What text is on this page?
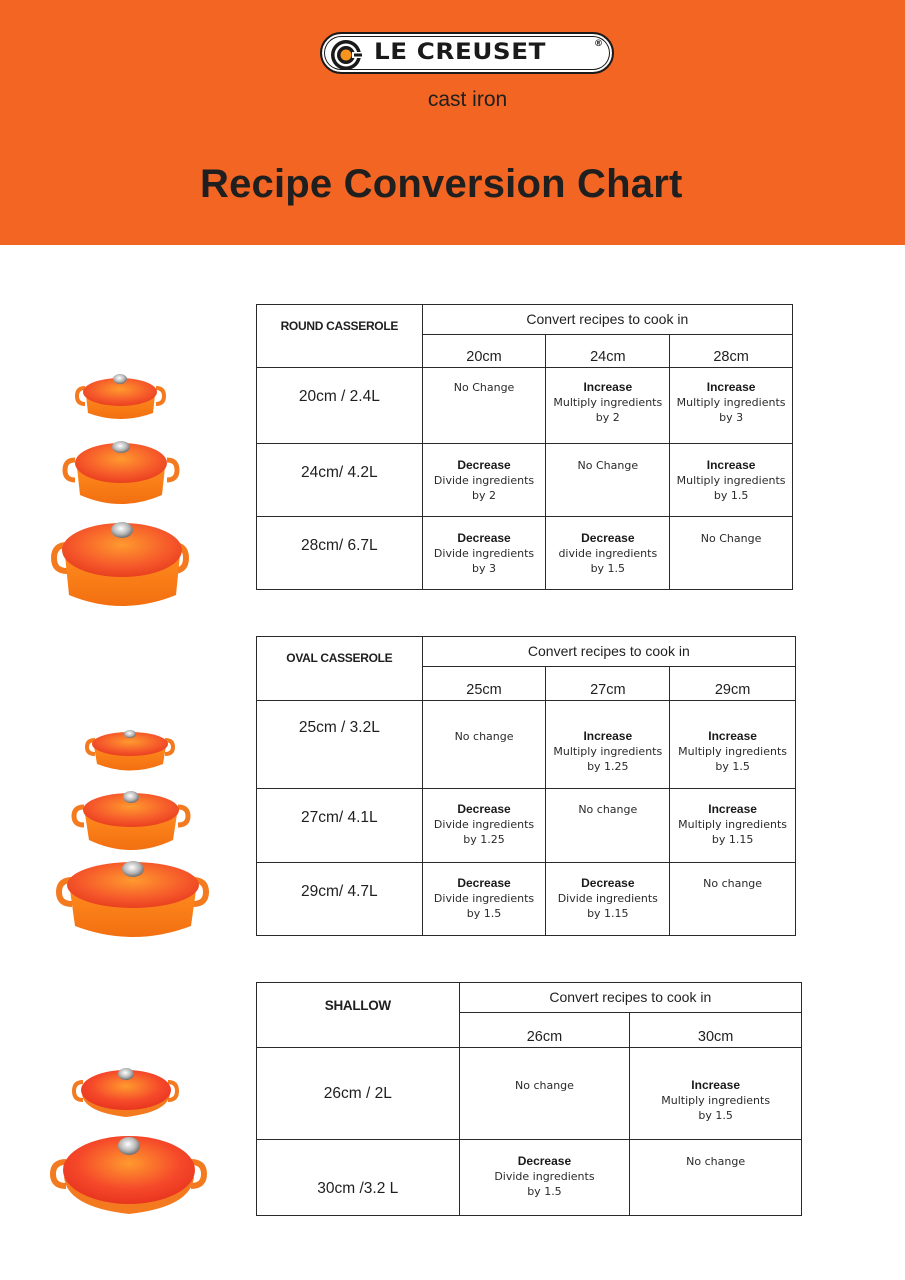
LE CREUSET	®
cast iron
Recipe Conversion Chart
ROUND CASSEROLE	Convert recipes to cook in		
	20cm	24cm	28cm
20cm / 2.4L	No Change	Increase
Multiply ingredients
by 2	Increase
Multiply ingredients
by 3

24cm/ 4.2L	Decrease
Divide ingredients
by 2	No Change	Increase
Multiply ingredients
by 1.5

28cm/ 6.7L	Decrease
Divide ingredients
by 3	Decrease
divide ingredients
by 1.5	No Change
OVAL CASSEROLE	Convert recipes to cook in		
	25cm	27cm	29cm
25cm / 3.2L	No change	Increase
Multiply ingredients
by 1.25	Increase
Multiply ingredients
by 1.5

27cm/ 4.1L	Decrease
Divide ingredients
by 1.25	No change	Increase
Multiply ingredients
by 1.15

29cm/ 4.7L	Decrease
Divide ingredients
by 1.5	Decrease
Divide ingredients
by 1.15	No change
SHALLOW	Convert recipes to cook in	
	26cm	30cm
26cm / 2L	No change	Increase
Multiply ingredients
by 1.5

30cm /3.2 L	Decrease
Divide ingredients
by 1.5	No change
